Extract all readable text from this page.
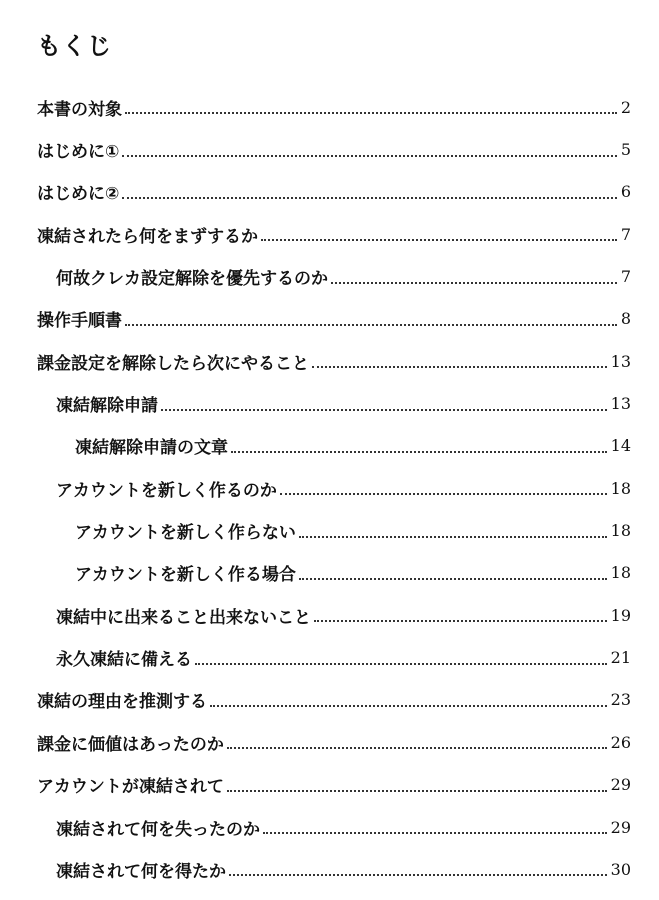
もくじ
本書の対象	2
はじめに①	5
はじめに②	6
凍結されたら何をまずするか	7
何故クレカ設定解除を優先するのか	7
操作手順書	8
課金設定を解除したら次にやること	13
凍結解除申請	13
凍結解除申請の文章	14
アカウントを新しく作るのか	18
アカウントを新しく作らない	18
アカウントを新しく作る場合	18
凍結中に出来ること出来ないこと	19
永久凍結に備える	21
凍結の理由を推測する	23
課金に価値はあったのか	26
アカウントが凍結されて	29
凍結されて何を失ったのか	29
凍結されて何を得たか	30
